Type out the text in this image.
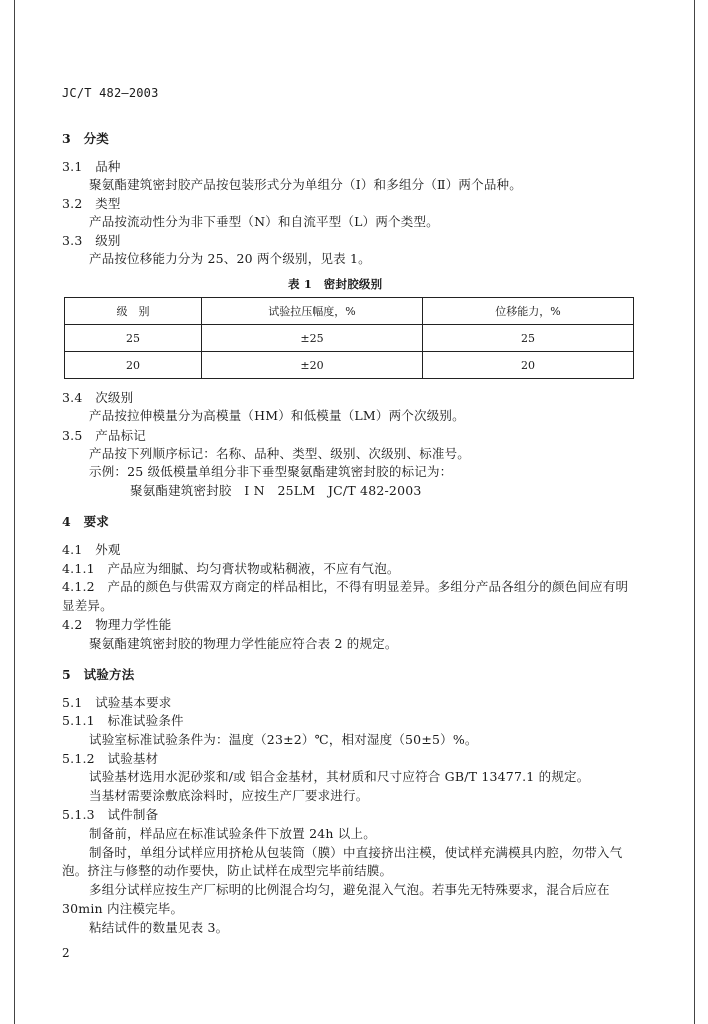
JC/T 482—2003
3　 分类
3.1　 品种
聚氨酯建筑密封胶产品按包装形式分为单组分（Ⅰ）和多组分（Ⅱ）两个品种。
3.2　 类型
产品按流动性分为非下垂型（N）和自流平型（L）两个类型。
3.3　 级别
产品按位移能力分为 25、20 两个级别，见表 1。
表 1　密封胶级别
级　别	试验拉压幅度，%	位移能力，%
25	±25	25
20	±20	20
3.4　 次级别
产品按拉伸模量分为高模量（HM）和低模量（LM）两个次级别。
3.5　 产品标记
产品按下列顺序标记：名称、品种、类型、级别、次级别、标准号。
示例：25 级低模量单组分非下垂型聚氨酯建筑密封胶的标记为：
聚氨酯建筑密封胶　Ⅰ N　25LM　JC/T 482-2003
4　 要求
4.1　 外观
4.1.1　 产品应为细腻、均匀膏状物或粘稠液，不应有气泡。
4.1.2　 产品的颜色与供需双方商定的样品相比，不得有明显差异。多组分产品各组分的颜色间应有明
显差异。
4.2　 物理力学性能
聚氨酯建筑密封胶的物理力学性能应符合表 2 的规定。
5　 试验方法
5.1　 试验基本要求
5.1.1　 标准试验条件
试验室标准试验条件为：温度（23±2）℃，相对湿度（50±5）%。
5.1.2　 试验基材
试验基材选用水泥砂浆和/或 铝合金基材，其材质和尺寸应符合 GB/T 13477.1 的规定。
当基材需要涂敷底涂料时，应按生产厂要求进行。
5.1.3　 试件制备
制备前，样品应在标准试验条件下放置 24h 以上。
制备时，单组分试样应用挤枪从包装筒（膜）中直接挤出注模，使试样充满模具内腔，勿带入气
泡。挤注与修整的动作要快，防止试样在成型完毕前结膜。
多组分试样应按生产厂标明的比例混合均匀，避免混入气泡。若事先无特殊要求，混合后应在
30min 内注模完毕。
粘结试件的数量见表 3。
2
